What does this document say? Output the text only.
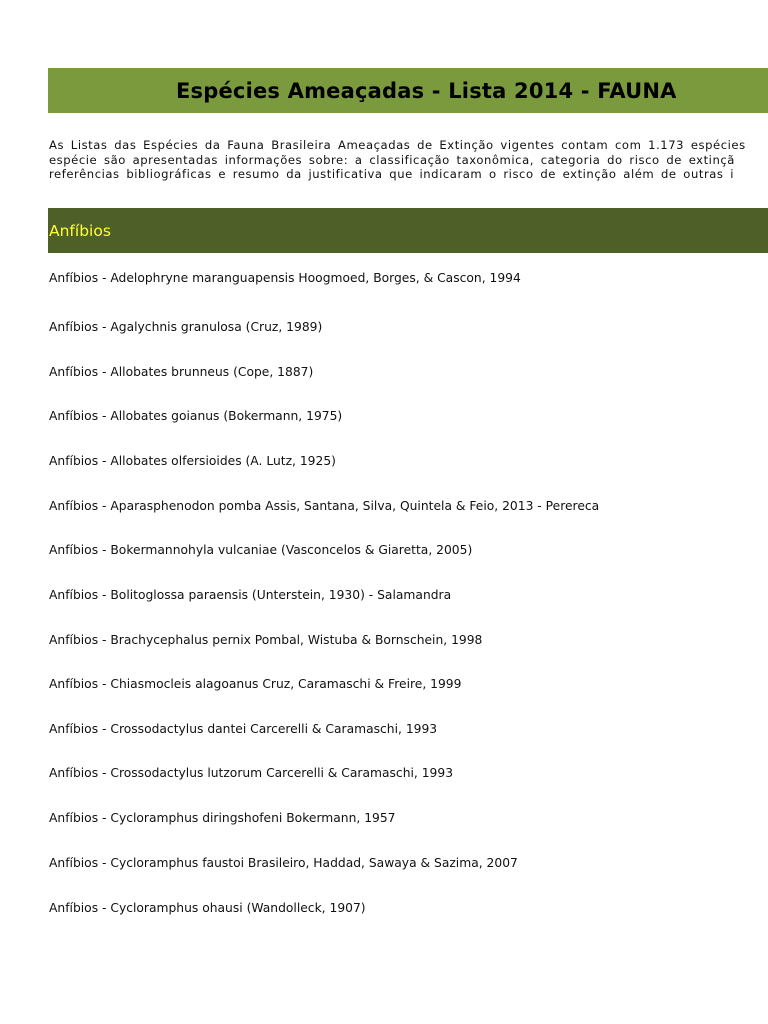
Espécies Ameaçadas - Lista 2014 - FAUNA
As Listas das Espécies da Fauna Brasileira Ameaçadas de Extinção vigentes contam com 1.173 espécies
espécie são apresentadas informações sobre: a classificação taxonômica, categoria do risco de extinçã
referências bibliográficas e resumo da justificativa que indicaram o risco de extinção além de outras i
Anfíbios
Anfíbios - Adelophryne maranguapensis Hoogmoed, Borges, & Cascon, 1994
Anfíbios - Agalychnis granulosa (Cruz, 1989)
Anfíbios - Allobates brunneus (Cope, 1887)
Anfíbios - Allobates goianus (Bokermann, 1975)
Anfíbios - Allobates olfersioides (A. Lutz, 1925)
Anfíbios - Aparasphenodon pomba Assis, Santana, Silva, Quintela & Feio, 2013 - Perereca
Anfíbios - Bokermannohyla vulcaniae (Vasconcelos & Giaretta, 2005)
Anfíbios - Bolitoglossa paraensis (Unterstein, 1930) - Salamandra
Anfíbios - Brachycephalus pernix Pombal, Wistuba & Bornschein, 1998
Anfíbios - Chiasmocleis alagoanus Cruz, Caramaschi & Freire, 1999
Anfíbios - Crossodactylus dantei Carcerelli & Caramaschi, 1993
Anfíbios - Crossodactylus lutzorum Carcerelli & Caramaschi, 1993
Anfíbios - Cycloramphus diringshofeni Bokermann, 1957
Anfíbios - Cycloramphus faustoi Brasileiro, Haddad, Sawaya & Sazima, 2007
Anfíbios - Cycloramphus ohausi (Wandolleck, 1907)
